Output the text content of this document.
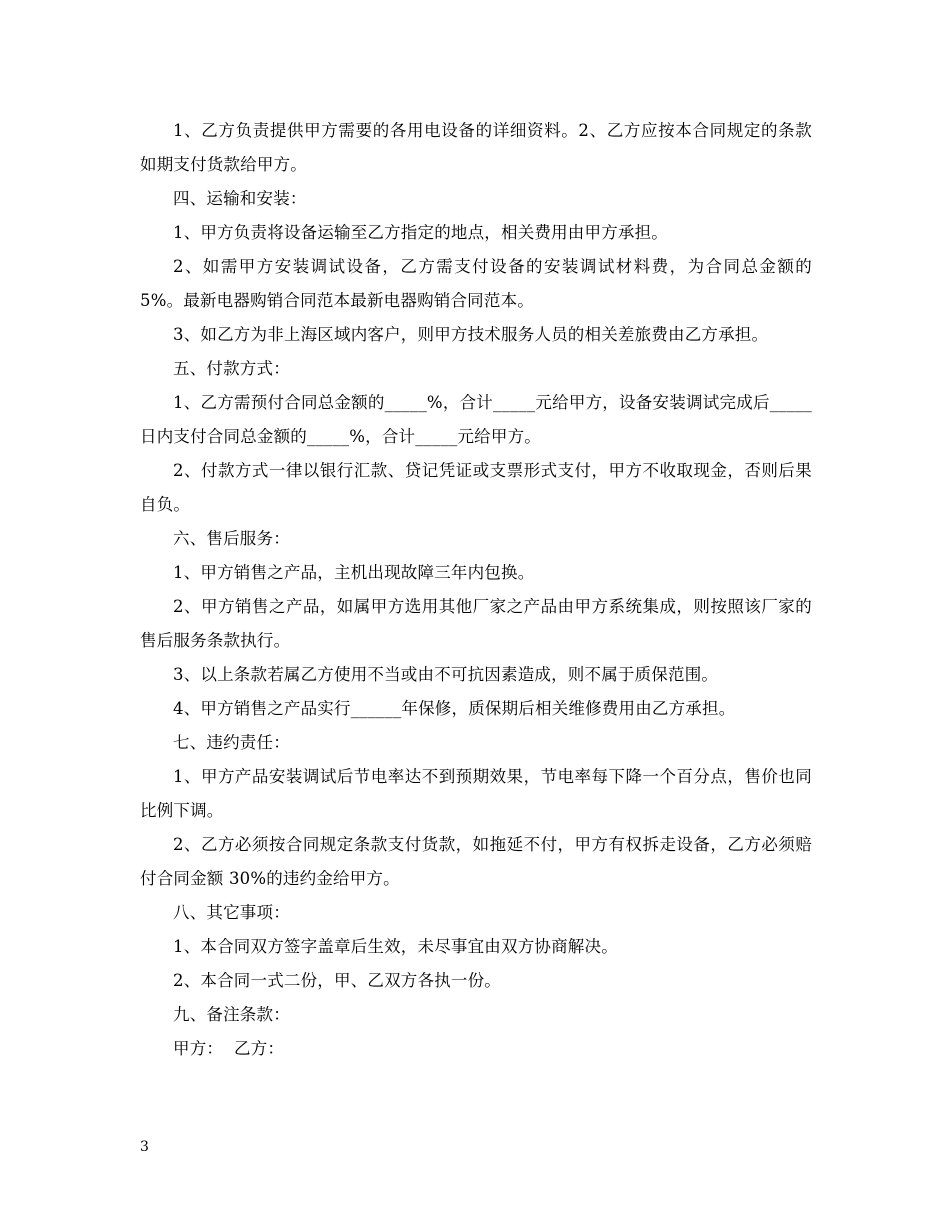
1、乙方负责提供甲方需要的各用电设备的详细资料。2、乙方应按本合同规定的条款如期支付货款给甲方。

四、运输和安装：

1、甲方负责将设备运输至乙方指定的地点，相关费用由甲方承担。

2、如需甲方安装调试设备，乙方需支付设备的安装调试材料费，为合同总金额的 5%。最新电器购销合同范本最新电器购销合同范本。

3、如乙方为非上海区域内客户，则甲方技术服务人员的相关差旅费由乙方承担。

五、付款方式：

1、乙方需预付合同总金额的_____%，合计_____元给甲方，设备安装调试完成后_____日内支付合同总金额的_____%，合计_____元给甲方。

2、付款方式一律以银行汇款、贷记凭证或支票形式支付，甲方不收取现金，否则后果自负。

六、售后服务：

1、甲方销售之产品，主机出现故障三年内包换。

2、甲方销售之产品，如属甲方选用其他厂家之产品由甲方系统集成，则按照该厂家的售后服务条款执行。

3、以上条款若属乙方使用不当或由不可抗因素造成，则不属于质保范围。

4、甲方销售之产品实行______年保修，质保期后相关维修费用由乙方承担。

七、违约责任：

1、甲方产品安装调试后节电率达不到预期效果，节电率每下降一个百分点，售价也同比例下调。

2、乙方必须按合同规定条款支付货款，如拖延不付，甲方有权拆走设备，乙方必须赔付合同金额 30%的违约金给甲方。

八、其它事项：

1、本合同双方签字盖章后生效，未尽事宜由双方协商解决。

2、本合同一式二份，甲、乙双方各执一份。

九、备注条款：

甲方：  乙方：

3
